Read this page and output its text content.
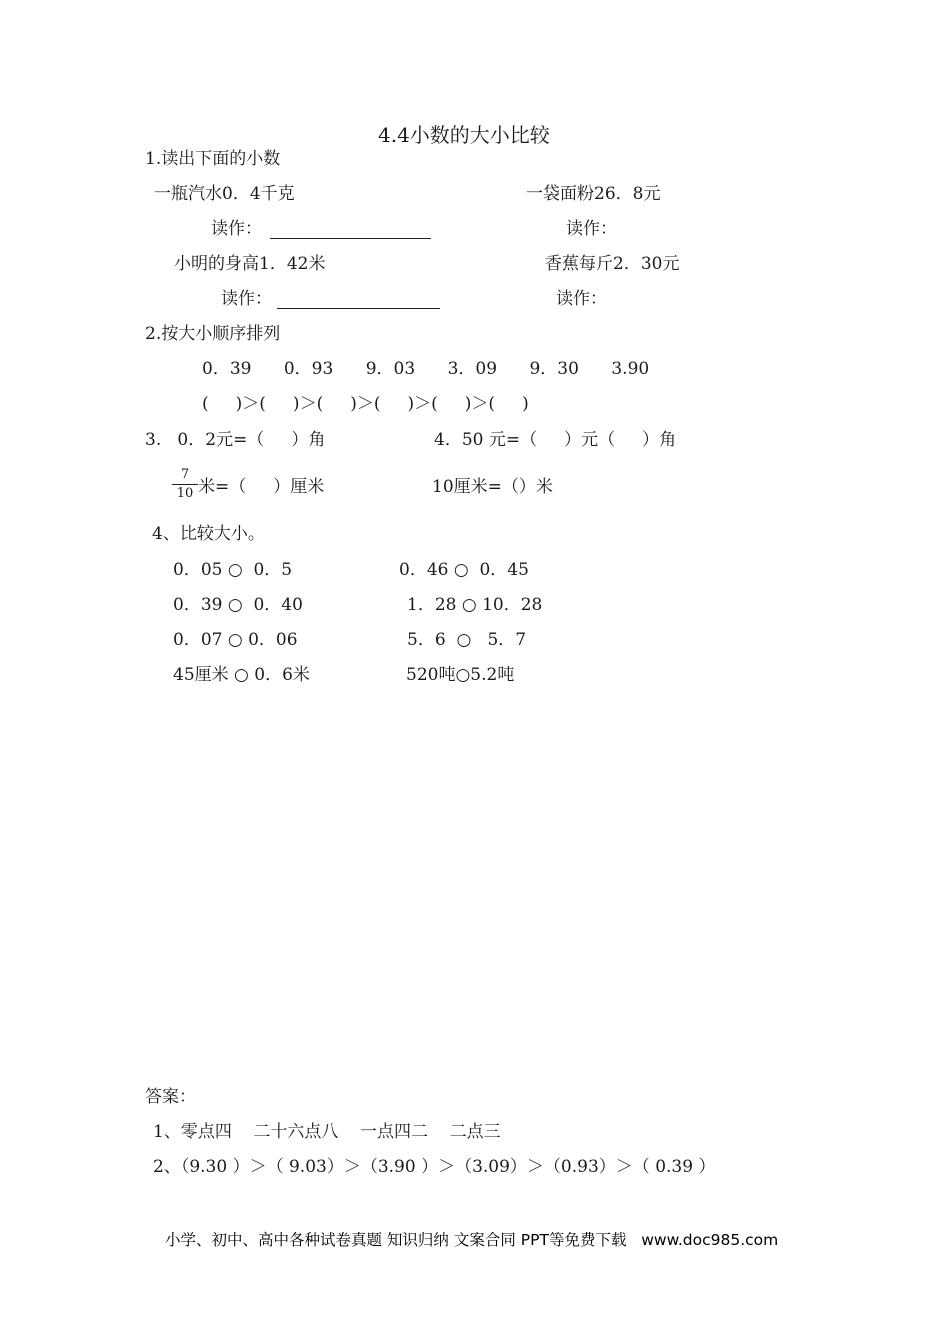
4.4小数的大小比较
1.读出下面的小数
一瓶汽水0．4千克	一袋面粉26．8元
读作：	读作：
小明的身高1．42米	香蕉每斤2．30元
读作：	读作：
2.按大小顺序排列
0．39      0．93      9．03      3．09      9．30      3.90
(     )＞(     )＞(     )＞(     )＞(     )＞(     )
3.   0．2元=（     ）角	4．50 元=（     ）元（     ）角
7
10 米=（     ）厘米	10厘米=（）米
4、比较大小。
0．05 ○  0．5	0．46 ○  0．45
0．39 ○  0．40	1．28 ○ 10．28
0．07 ○ 0．06	5．6  ○   5．7
45厘米 ○ 0．6米	520吨○5.2吨
答案：
1、零点四    二十六点八    一点四二    二点三
2、（9.30 ）＞（ 9.03）＞（3.90 ）＞（3.09）＞（0.93）＞（ 0.39 ）
小学、初中、高中各种试卷真题 知识归纳 文案合同 PPT等免费下载   www.doc985.com
